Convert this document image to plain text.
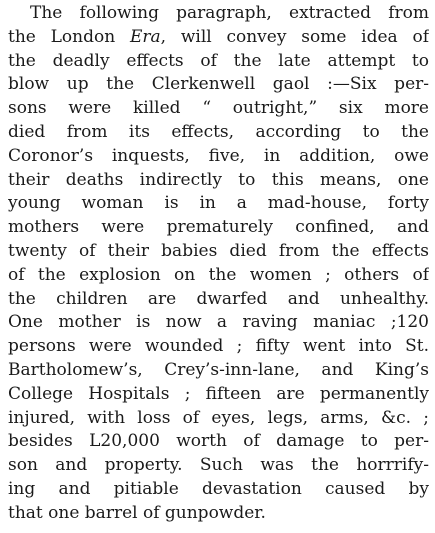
The following paragraph, extracted from
the London Era, will convey some idea of
the deadly effects of the late attempt to
blow up the Clerkenwell gaol :—Six per-
sons were killed “ outright,” six more
died from its effects, according to the
Coronor’s inquests, five, in addition, owe
their deaths indirectly to this means, one
young woman is in a mad-house, forty
mothers were prematurely confined, and
twenty of their babies died from the effects
of the explosion on the women ; others of
the children are dwarfed and unhealthy.
One mother is now a raving maniac ;120
persons were wounded ; fifty went into St.
Bartholomew’s, Crey’s-inn-lane, and King’s
College Hospitals ; fifteen are permanently
injured, with loss of eyes, legs, arms, &c. ;
besides L20,000 worth of damage to per-
son and property. Such was the horrrify-
ing and pitiable devastation caused by
that one barrel of gunpowder.
